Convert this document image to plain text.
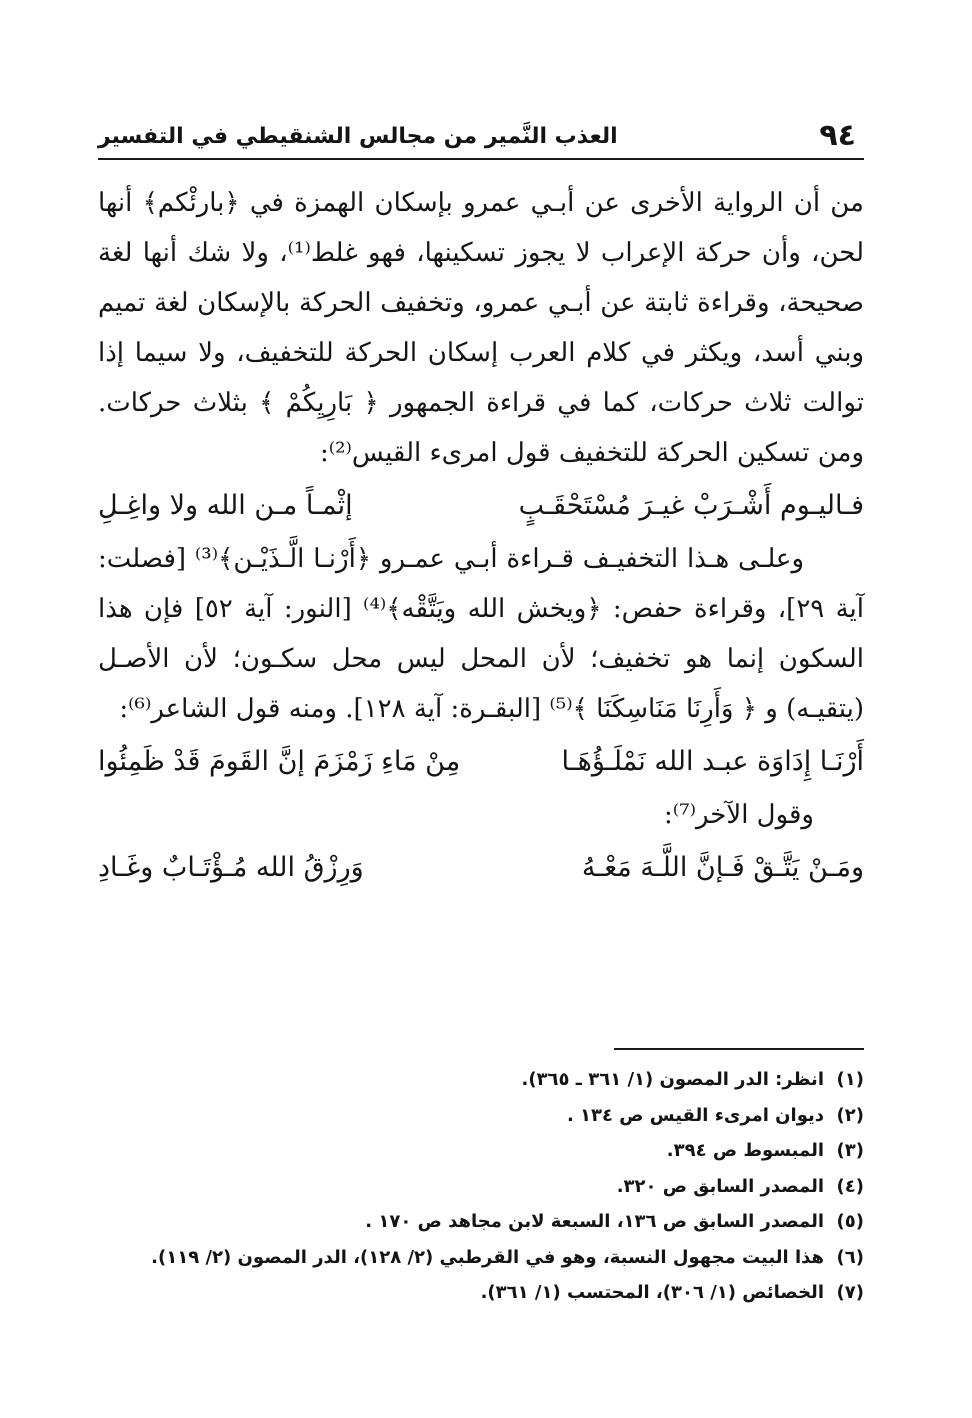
٩٤
العذب النَّمير من مجالس الشنقيطي في التفسير

من أن الرواية الأخرى عن أبـي عمرو بإسكان الهمزة في ﴿بارئْكم﴾ أنها لحن، وأن حركة الإعراب لا يجوز تسكينها، فهو غلط⁽¹⁾، ولا شك أنها لغة صحيحة، وقراءة ثابتة عن أبـي عمرو، وتخفيف الحركة بالإسكان لغة تميم وبني أسد، ويكثر في كلام العرب إسكان الحركة للتخفيف، ولا سيما إذا توالت ثلاث حركات، كما في قراءة الجمهور ﴿ بَارِيِكُمْ ﴾ بثلاث حركات. ومن تسكين الحركة للتخفيف قول امرىء القيس⁽²⁾:

فـاليـوم أَشْـرَبْ غيـرَ مُسْتَحْقَـبٍ
إثْمـاً مـن الله ولا واغِـلِ

وعلـى هـذا التخفيـف قـراءة أبـي عمـرو ﴿أَرْنـا الَّـذَيْـن﴾⁽³⁾ [فصلت: آية ٢٩]، وقراءة حفص: ﴿ويخش الله ويَتَّقْه﴾⁽⁴⁾ [النور: آية ٥٢] فإن هذا السكون إنما هو تخفيف؛ لأن المحل ليس محل سكـون؛ لأن الأصـل (يتقيـه) و ﴿ وَأَرِنَا مَنَاسِكَنَا ﴾⁽⁵⁾ [البقـرة: آية ١٢٨]. ومنه قول الشاعر⁽⁶⁾:

أَرْنَـا إِدَاوَة عبـد الله نَمْلَـؤُهَـا
مِنْ مَاءِ زَمْزَمَ إنَّ القَومَ قَدْ ظَمِئُوا

وقول الآخر⁽⁷⁾:

ومَـنْ يَتَّـقْ فَـإنَّ اللَّـهَ مَعْـهُ
وَرِزْقُ الله مُـؤْتَـابٌ وغَـادِ

(١)انظر: الدر المصون (١/ ٣٦١ ـ ٣٦٥).

(٢)ديوان امرىء القيس ص ١٣٤ .

(٣)المبسوط ص ٣٩٤.

(٤)المصدر السابق ص ٣٢٠.

(٥)المصدر السابق ص ١٣٦، السبعة لابن مجاهد ص ١٧٠ .

(٦)هذا البيت مجهول النسبة، وهو في القرطبي (٢/ ١٢٨)، الدر المصون (٢/ ١١٩).

(٧)الخصائص (١/ ٣٠٦)، المحتسب (١/ ٣٦١).
